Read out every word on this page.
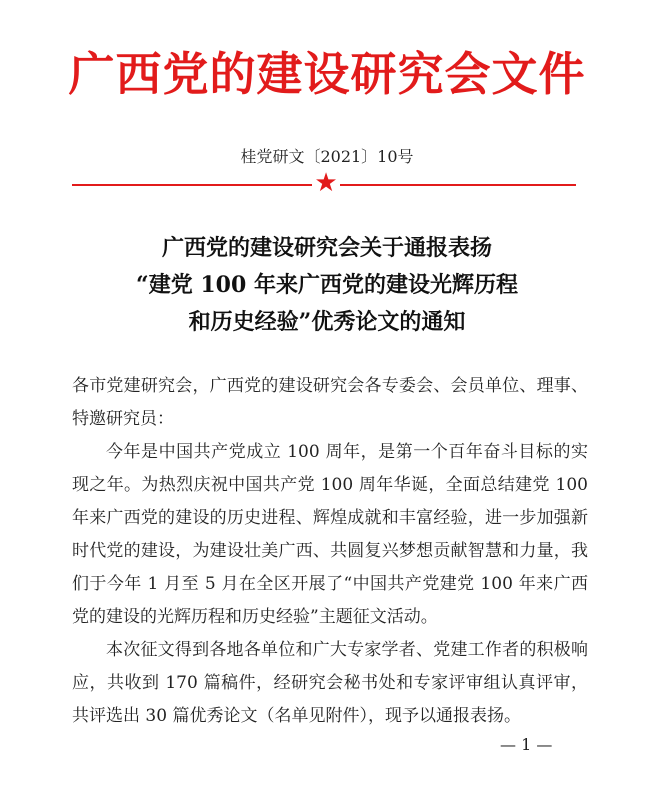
广西党的建设研究会文件
桂党研文〔2021〕10号
★
广西党的建设研究会关于通报表扬
“建党 100 年来广西党的建设光辉历程
和历史经验”优秀论文的通知

各市党建研究会，广西党的建设研究会各专委会、会员单位、理事、特邀研究员：

今年是中国共产党成立 100 周年，是第一个百年奋斗目标的实现之年。为热烈庆祝中国共产党 100 周年华诞，全面总结建党 100 年来广西党的建设的历史进程、辉煌成就和丰富经验，进一步加强新时代党的建设，为建设壮美广西、共圆复兴梦想贡献智慧和力量，我们于今年 1 月至 5 月在全区开展了“中国共产党建党 100 年来广西党的建设的光辉历程和历史经验”主题征文活动。

本次征文得到各地各单位和广大专家学者、党建工作者的积极响应，共收到 170 篇稿件，经研究会秘书处和专家评审组认真评审，共评选出 30 篇优秀论文（名单见附件），现予以通报表扬。

— 1 —
